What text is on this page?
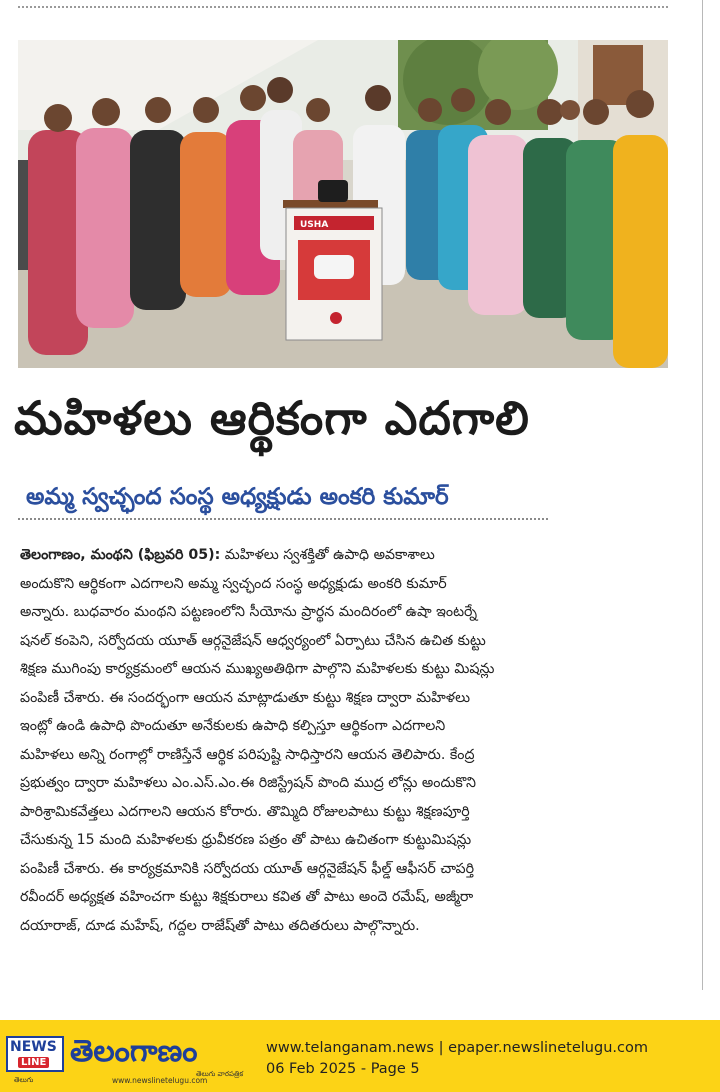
USHA
మహిళలు ఆర్థికంగా ఎదగాలి
అమ్మ స్వచ్ఛంద సంస్థ అధ్యక్షుడు అంకరి కుమార్
తెలంగాణం, మంథని (ఫిబ్రవరి 05): మహిళలు స్వశక్తితో ఉపాధి అవకాశాలు
అందుకొని ఆర్థికంగా ఎదగాలని అమ్మ స్వచ్ఛంద సంస్థ అధ్యక్షుడు అంకరి కుమార్
అన్నారు. బుధవారం మంథని పట్టణంలోని సీయోను ప్రార్థన మందిరంలో ఉషా ఇంటర్నే
షనల్ కంపెని, సర్వోదయ యూత్ ఆర్గనైజేషన్ ఆధ్వర్యంలో ఏర్పాటు చేసిన ఉచిత కుట్టు
శిక్షణ ముగింపు కార్యక్రమంలో ఆయన ముఖ్యఅతిథిగా పాల్గొని మహిళలకు కుట్టు మిషన్లు
పంపిణీ చేశారు. ఈ సందర్భంగా ఆయన మాట్లాడుతూ కుట్టు శిక్షణ ద్వారా మహిళలు
ఇంట్లో ఉండి ఉపాధి పొందుతూ అనేకులకు ఉపాధి కల్పిస్తూ ఆర్థికంగా ఎదగాలని
మహిళలు అన్ని రంగాల్లో రాణిస్తేనే ఆర్థిక పరిపుష్టి సాధిస్తారని ఆయన తెలిపారు. కేంద్ర
ప్రభుత్వం ద్వారా మహిళలు ఎం.ఎస్.ఎం.ఈ రిజిస్ట్రేషన్ పొంది ముద్ర లోన్లు అందుకొని
పారిశ్రామికవేత్తలు ఎదగాలని ఆయన కోరారు. తొమ్మిది రోజులపాటు కుట్టు శిక్షణపూర్తి
చేసుకున్న 15 మంది మహిళలకు ధ్రువీకరణ పత్రం తో పాటు ఉచితంగా కుట్టుమిషన్లు
పంపిణీ చేశారు. ఈ కార్యక్రమానికి సర్వోదయ యూత్ ఆర్గనైజేషన్ ఫీల్డ్ ఆఫీసర్ చాపర్తి
రవీందర్ అధ్యక్షత వహించగా కుట్టు శిక్షకురాలు కవిత తో పాటు అందె రమేష్, అజ్మీరా
దయారాజ్, దూడ మహేష్, గద్దల రాజేష్‌తో పాటు తదితరులు పాల్గొన్నారు.
NEWS
LINE
తెలుగు
తెలంగాణం
తెలుగు వారపత్రిక
www.newslinetelugu.com
www.telanganam.news | epaper.newslinetelugu.com
06 Feb 2025 - Page 5
